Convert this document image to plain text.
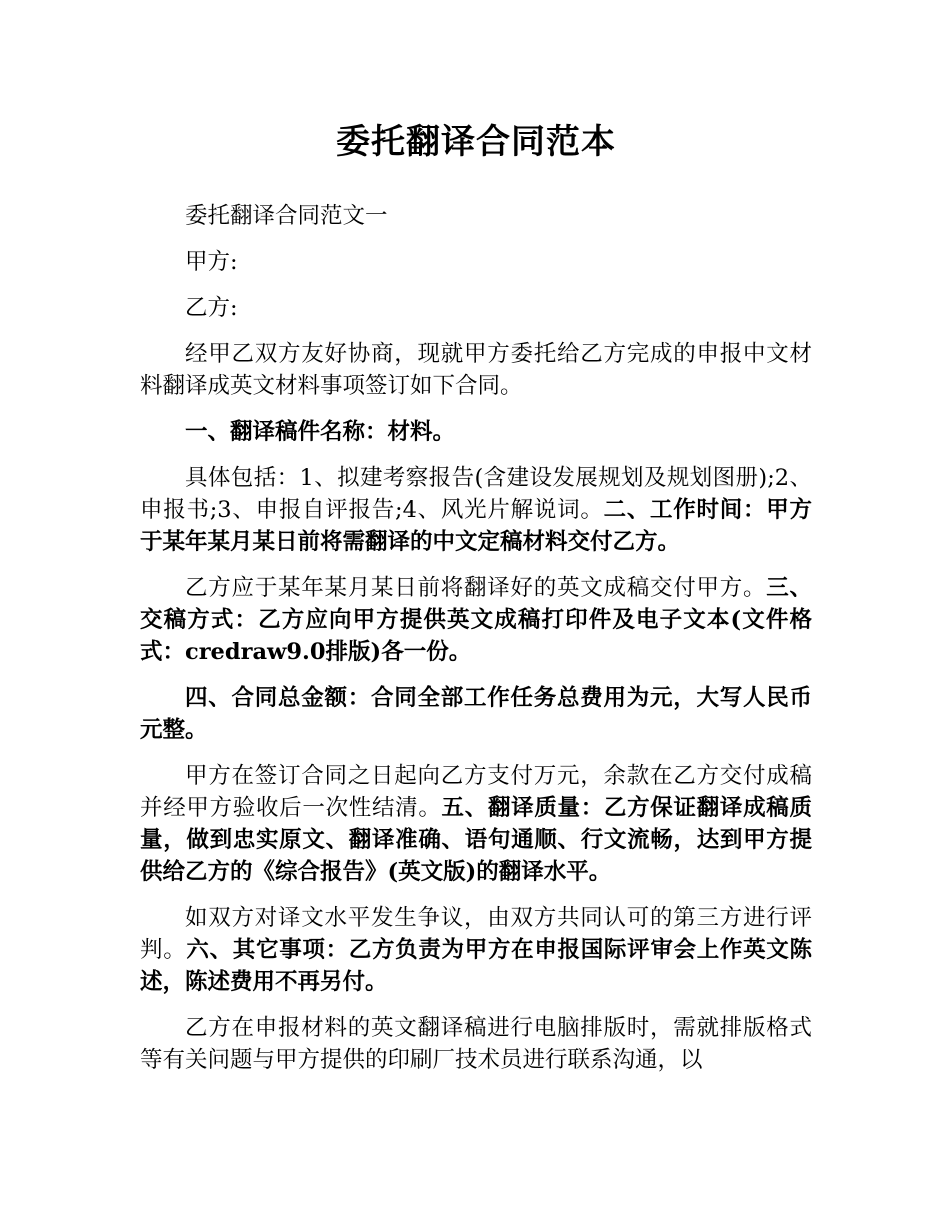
委托翻译合同范本

委托翻译合同范文一

甲方:

乙方:

经甲乙双方友好协商，现就甲方委托给乙方完成的申报中文材料翻译成英文材料事项签订如下合同。

一、翻译稿件名称：材料。

具体包括：1、拟建考察报告(含建设发展规划及规划图册);2、申报书;3、申报自评报告;4、风光片解说词。二、工作时间：甲方于某年某月某日前将需翻译的中文定稿材料交付乙方。

乙方应于某年某月某日前将翻译好的英文成稿交付甲方。三、交稿方式：乙方应向甲方提供英文成稿打印件及电子文本(文件格式：credraw9.0排版)各一份。

四、合同总金额：合同全部工作任务总费用为元，大写人民币元整。

甲方在签订合同之日起向乙方支付万元，余款在乙方交付成稿并经甲方验收后一次性结清。五、翻译质量：乙方保证翻译成稿质量，做到忠实原文、翻译准确、语句通顺、行文流畅，达到甲方提供给乙方的《综合报告》(英文版)的翻译水平。

如双方对译文水平发生争议，由双方共同认可的第三方进行评判。六、其它事项：乙方负责为甲方在申报国际评审会上作英文陈述，陈述费用不再另付。

乙方在申报材料的英文翻译稿进行电脑排版时，需就排版格式等有关问题与甲方提供的印刷厂技术员进行联系沟通，以
